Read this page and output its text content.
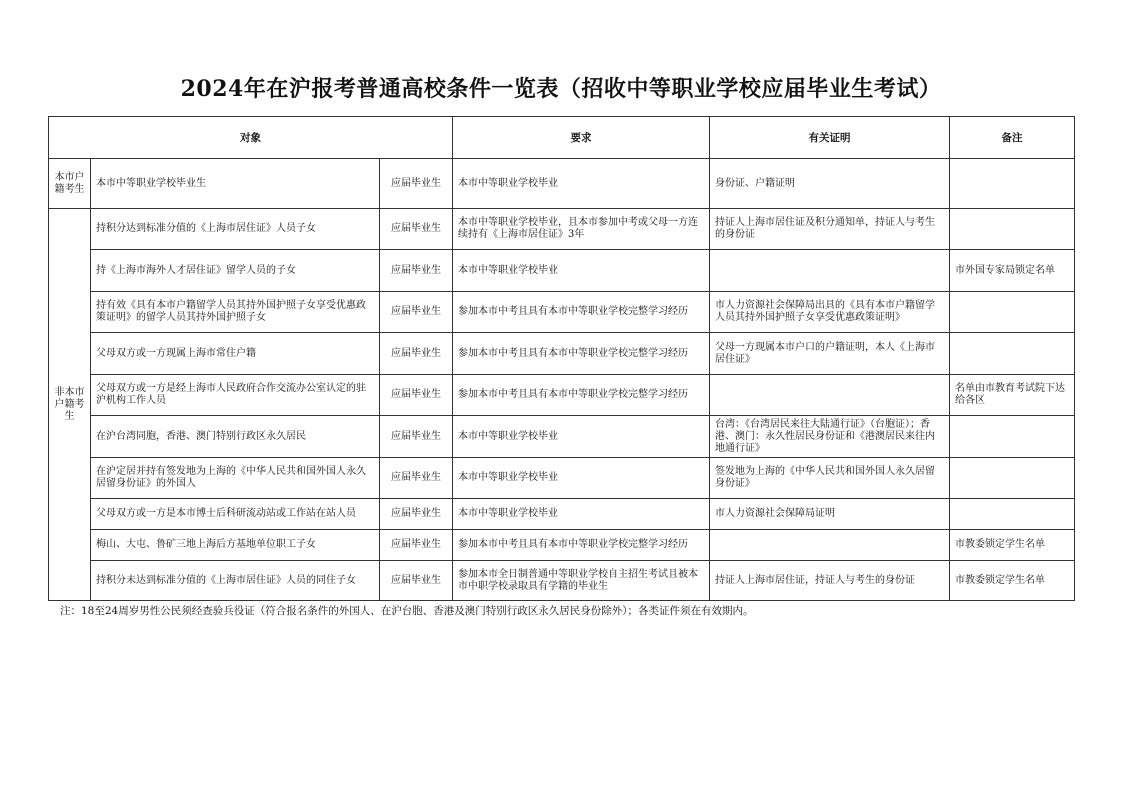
2024年在沪报考普通高校条件一览表（招收中等职业学校应届毕业生考试）
对象			要求	有关证明	备注
本市户籍考生	本市中等职业学校毕业生	应届毕业生	本市中等职业学校毕业	身份证、户籍证明	
非本市户籍考生	持积分达到标准分值的《上海市居住证》人员子女	应届毕业生	本市中等职业学校毕业，且本市参加中考或父母一方连续持有《上海市居住证》3年	持证人上海市居住证及积分通知单，持证人与考生的身份证	
	持《上海市海外人才居住证》留学人员的子女	应届毕业生	本市中等职业学校毕业		市外国专家局锁定名单
	持有效《具有本市户籍留学人员其持外国护照子女享受优惠政策证明》的留学人员其持外国护照子女	应届毕业生	参加本市中考且具有本市中等职业学校完整学习经历	市人力资源社会保障局出具的《具有本市户籍留学人员其持外国护照子女享受优惠政策证明》	
	父母双方或一方现属上海市常住户籍	应届毕业生	参加本市中考且具有本市中等职业学校完整学习经历	父母一方现属本市户口的户籍证明，本人《上海市居住证》	
	父母双方或一方是经上海市人民政府合作交流办公室认定的驻沪机构工作人员	应届毕业生	参加本市中考且具有本市中等职业学校完整学习经历		名单由市教育考试院下达给各区
	在沪台湾同胞，香港、澳门特别行政区永久居民	应届毕业生	本市中等职业学校毕业	台湾：《台湾居民来往大陆通行证》（台胞证）；香港、澳门：永久性居民身份证和《港澳居民来往内地通行证》	
	在沪定居并持有签发地为上海的《中华人民共和国外国人永久居留身份证》的外国人	应届毕业生	本市中等职业学校毕业	签发地为上海的《中华人民共和国外国人永久居留身份证》	
	父母双方或一方是本市博士后科研流动站或工作站在站人员	应届毕业生	本市中等职业学校毕业	市人力资源社会保障局证明	
	梅山、大屯、鲁矿三地上海后方基地单位职工子女	应届毕业生	参加本市中考且具有本市中等职业学校完整学习经历		市教委锁定学生名单
	持积分未达到标准分值的《上海市居住证》人员的同住子女	应届毕业生	参加本市全日制普通中等职业学校自主招生考试且被本市中职学校录取具有学籍的毕业生	持证人上海市居住证，持证人与考生的身份证	市教委锁定学生名单
注：18至24周岁男性公民须经查验兵役证（符合报名条件的外国人、在沪台胞、香港及澳门特别行政区永久居民身份除外）；各类证件须在有效期内。
